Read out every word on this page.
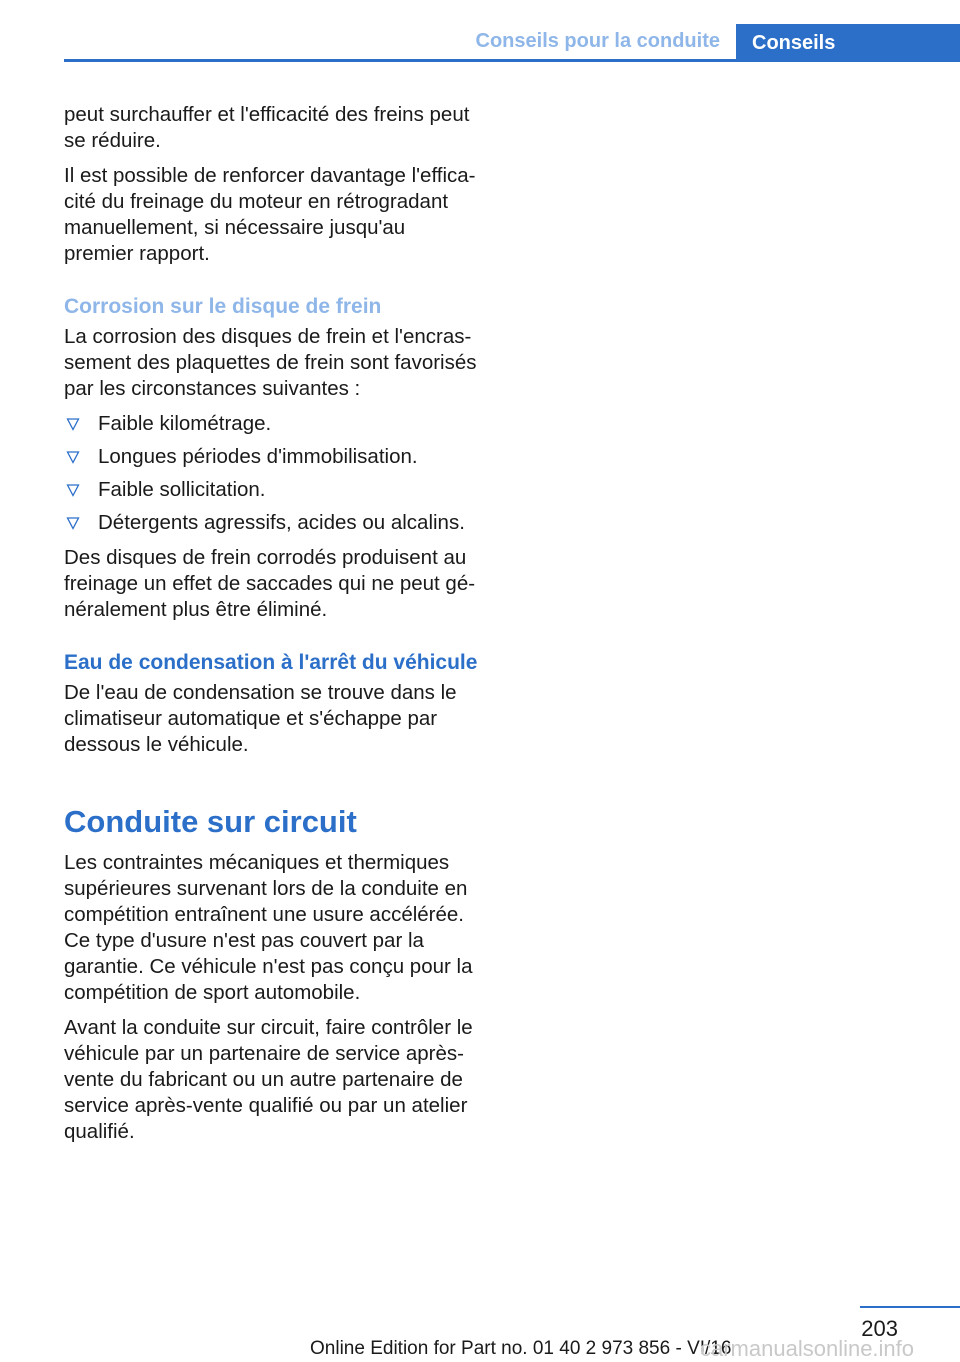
Conseils pour la conduite	Conseils

peut surchauffer et l'efficacité des freins peut se réduire.

Il est possible de renforcer davantage l'efficacité du freinage du moteur en rétrogradant manuellement, si nécessaire jusqu'au premier rapport.

Corrosion sur le disque de frein

La corrosion des disques de frein et l'encrassement des plaquettes de frein sont favorisés par les circonstances suivantes :

Faible kilométrage.
Longues périodes d'immobilisation.
Faible sollicitation.
Détergents agressifs, acides ou alcalins.

Des disques de frein corrodés produisent au freinage un effet de saccades qui ne peut généralement plus être éliminé.

Eau de condensation à l'arrêt du véhicule

De l'eau de condensation se trouve dans le climatiseur automatique et s'échappe par dessous le véhicule.

Conduite sur circuit

Les contraintes mécaniques et thermiques supérieures survenant lors de la conduite en compétition entraînent une usure accélérée. Ce type d'usure n'est pas couvert par la garantie. Ce véhicule n'est pas conçu pour la compétition de sport automobile.

Avant la conduite sur circuit, faire contrôler le véhicule par un partenaire de service après-vente du fabricant ou un autre partenaire de service après-vente qualifié ou par un atelier qualifié.

203
Online Edition for Part no. 01 40 2 973 856 - VI/16
carmanualsonline.info
